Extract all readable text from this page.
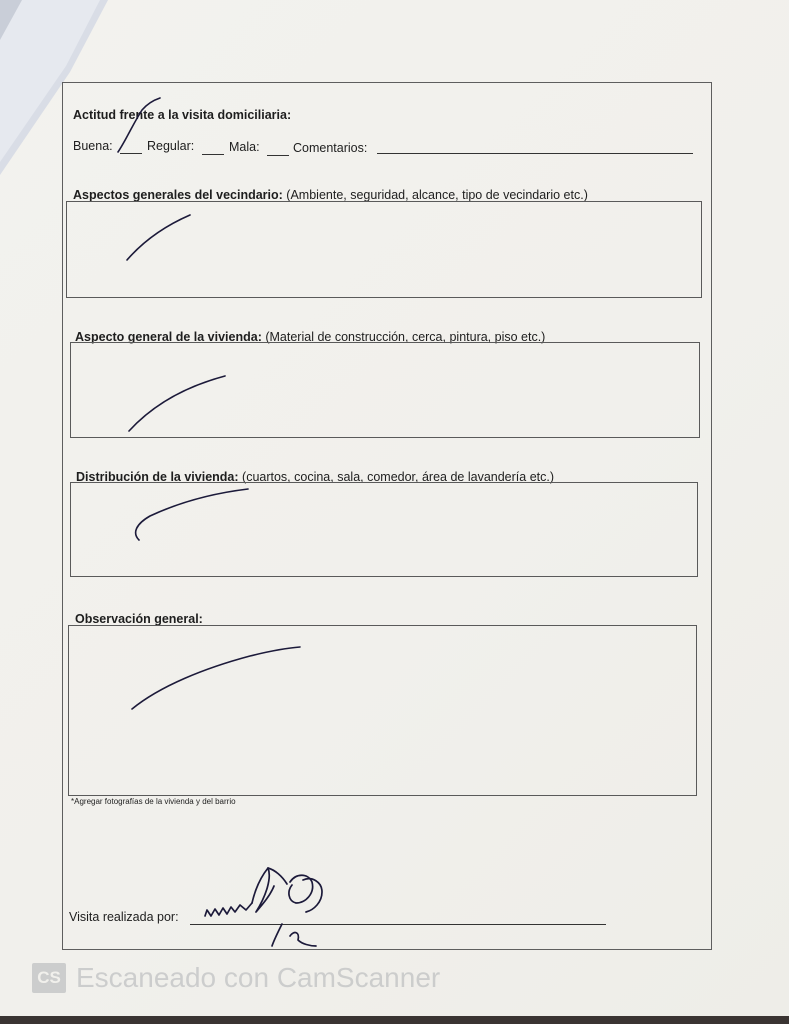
Actitud frente a la visita domiciliaria:
Buena:	Regular:	Mala:	Comentarios:
Aspectos generales del vecindario: (Ambiente, seguridad, alcance, tipo de vecindario etc.)
Aspecto general de la vivienda: (Material de construcción, cerca, pintura, piso etc.)
Distribución de la vivienda: (cuartos, cocina, sala, comedor, área de lavandería etc.)
Observación general:
*Agregar fotografías de la vivienda y del barrio
Visita realizada por:
CS Escaneado con CamScanner
